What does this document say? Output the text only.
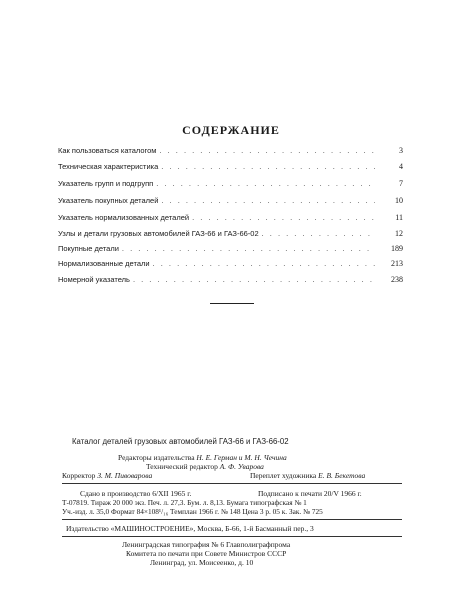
СОДЕРЖАНИЕ
Как пользоваться каталогом . . .	3
Техническая характеристика . . .	4
Указатель групп и подгрупп . . .	7
Указатель покупных деталей . . .	10
Указатель нормализованных деталей . . .	11
Узлы и детали грузовых автомобилей ГАЗ-66 и ГАЗ-66-02 . . .	12
Покупные детали . . .	189
Нормализованные детали . . .	213
Номерной указатель . . .	238
Каталог деталей грузовых автомобилей ГАЗ-66 и ГАЗ-66-02
Редакторы издательства Н. Е. Герман и М. Н. Чечина
Технический редактор А. Ф. Уварова
Корректор З. М. Пивоварова	Переплет художника Е. В. Бекетова
Сдано в производство 6/XII 1965 г.	Подписано к печати 20/V 1966 г.
Т-07819. Тираж 20 000 экз. Печ. л. 27,3. Бум. л. 8,13. Бумага типографская № 1
Уч.-изд. л. 35,0 Формат 84×108¹/₁₆ Темплан 1966 г. № 148 Цена 3 р. 05 к. Зак. № 725
Издательство «МАШИНОСТРОЕНИЕ», Москва, Б-66, 1-й Басманный пер., 3
Ленинградская типография № 6 Главполиграфпрома
Комитета по печати при Совете Министров СССР
Ленинград, ул. Моисеенко, д. 10
